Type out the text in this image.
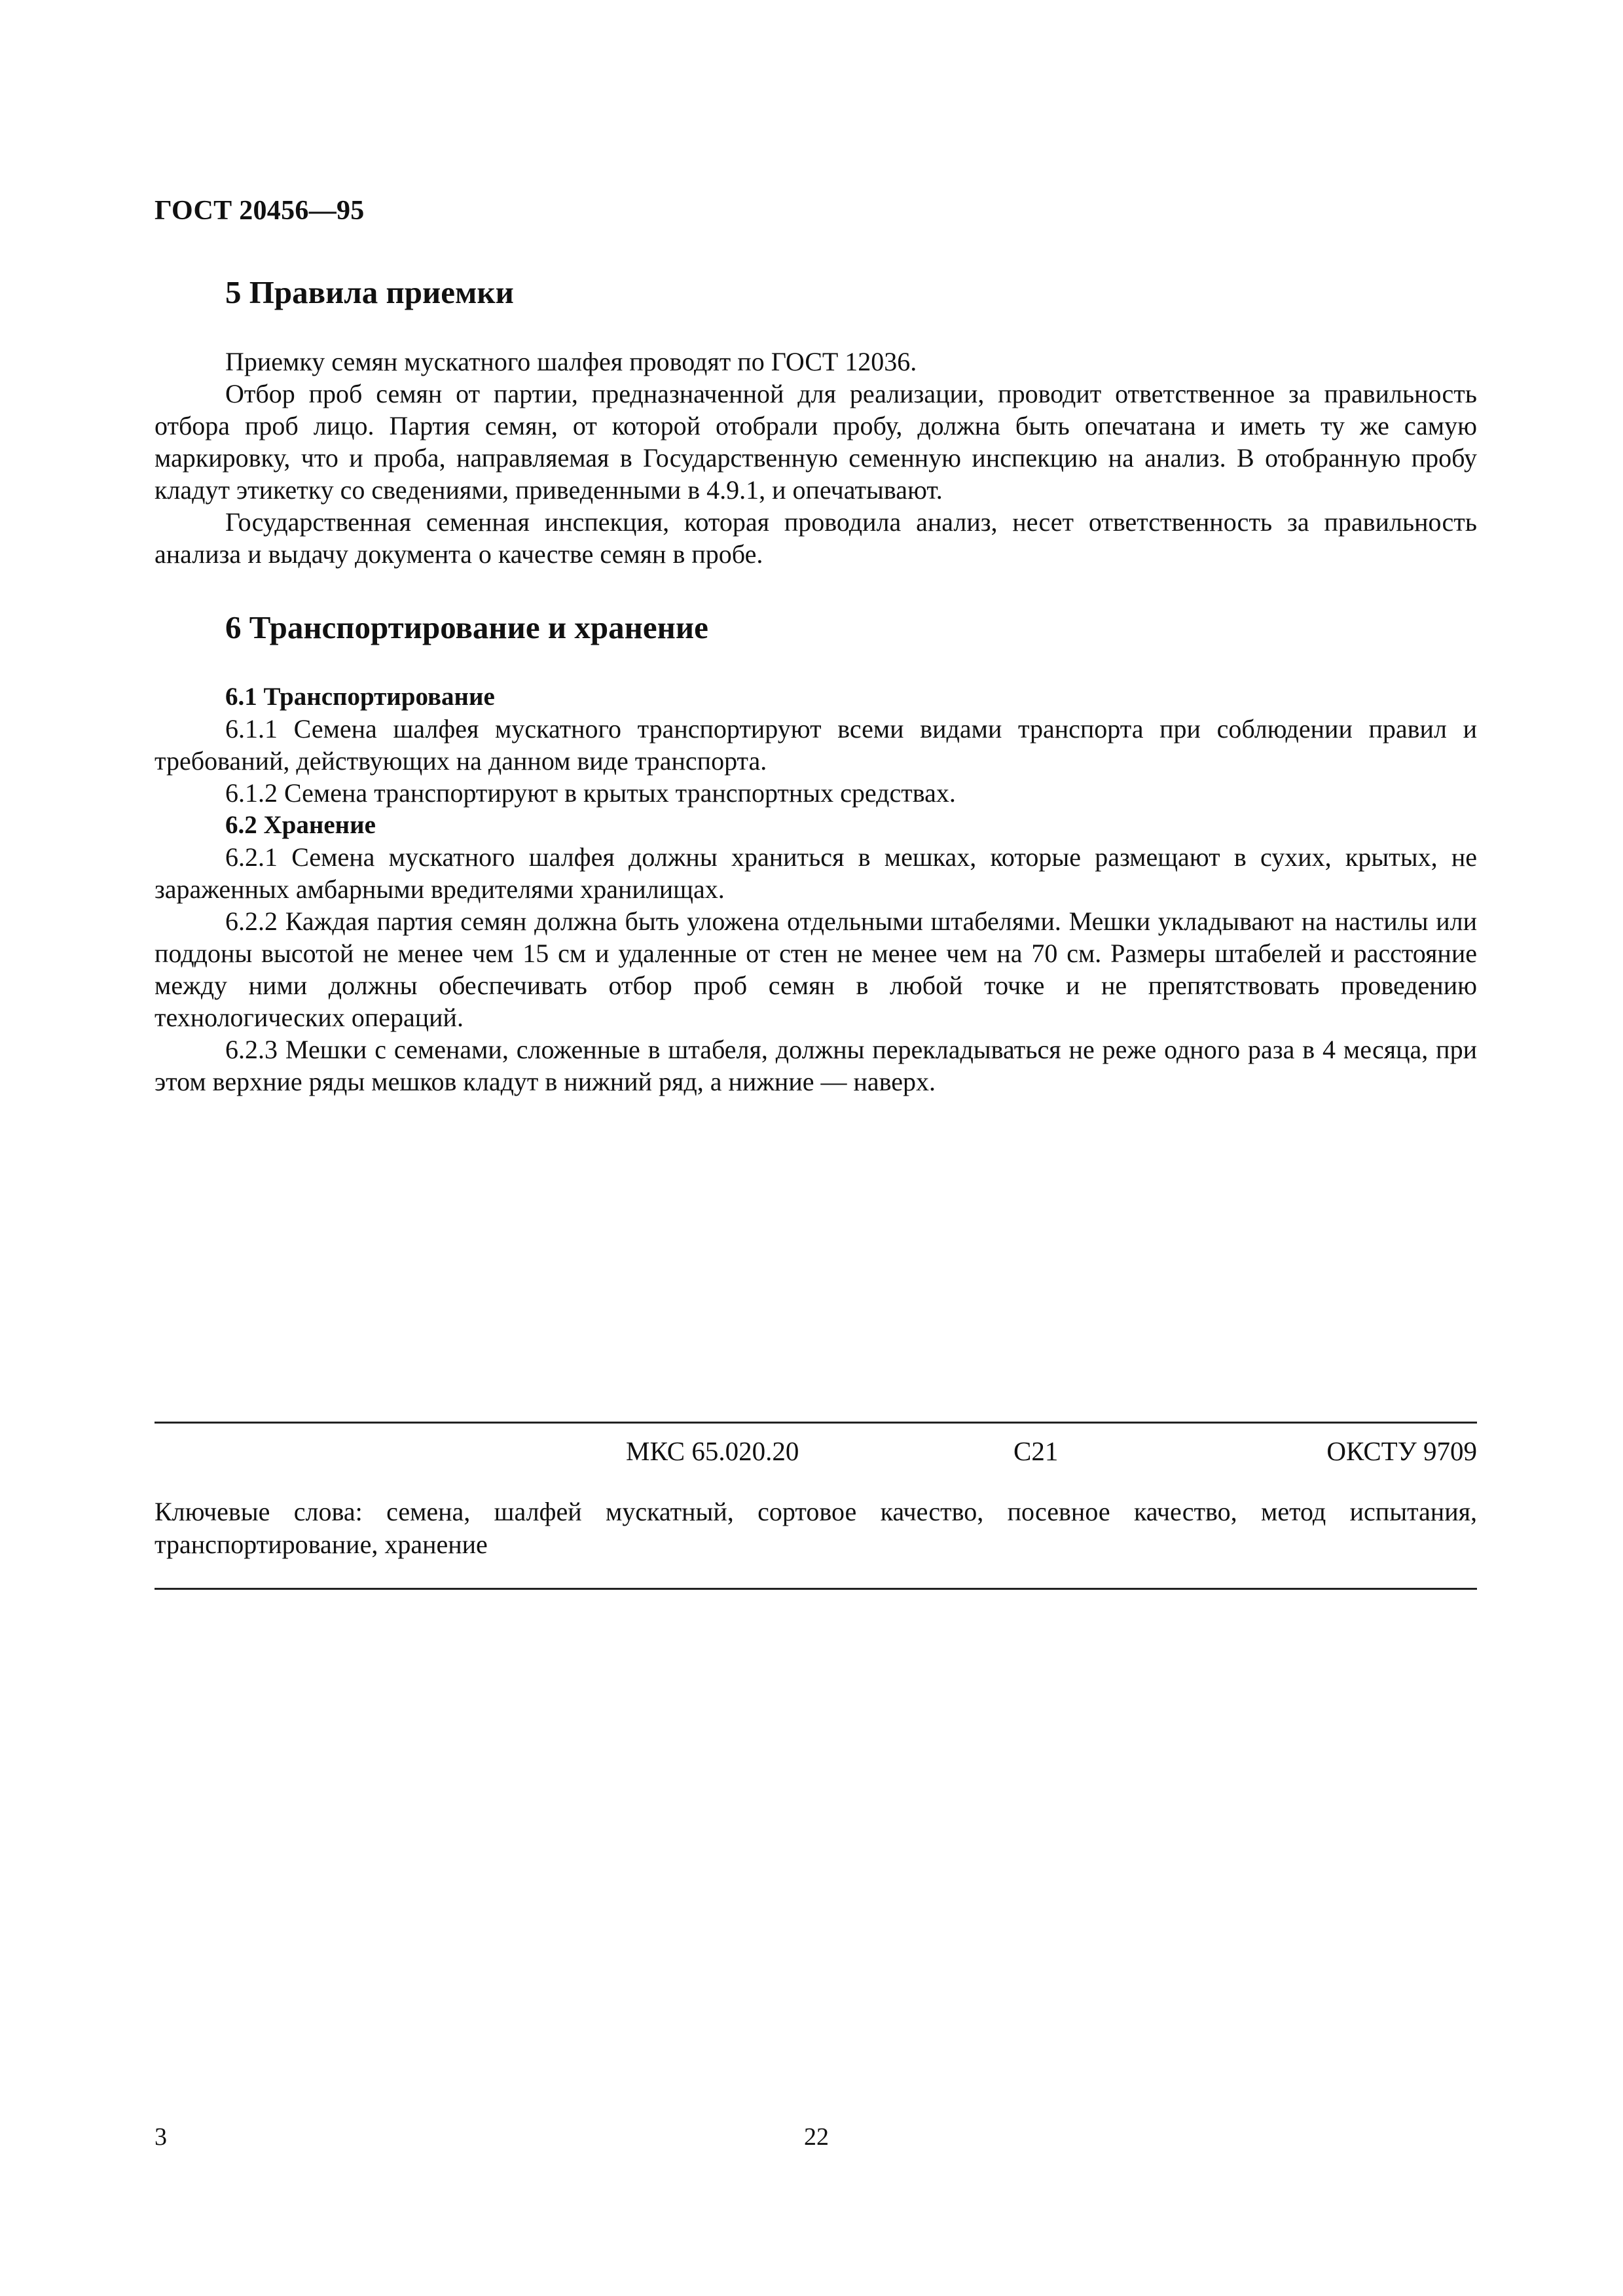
ГОСТ 20456—95
5 Правила приемки

Приемку семян мускатного шалфея проводят по ГОСТ 12036.

Отбор проб семян от партии, предназначенной для реализации, проводит ответственное за правильность отбора проб лицо. Партия семян, от которой отобрали пробу, должна быть опечатана и иметь ту же самую маркировку, что и проба, направляемая в Государственную семенную инспекцию на анализ. В отобранную пробу кладут этикетку со сведениями, приведенными в 4.9.1, и опечатывают.

Государственная семенная инспекция, которая проводила анализ, несет ответственность за правильность анализа и выдачу документа о качестве семян в пробе.

6 Транспортирование и хранение

6.1 Транспортирование

6.1.1 Семена шалфея мускатного транспортируют всеми видами транспорта при соблюдении правил и требований, действующих на данном виде транспорта.

6.1.2 Семена транспортируют в крытых транспортных средствах.

6.2 Хранение

6.2.1 Семена мускатного шалфея должны храниться в мешках, которые размещают в сухих, крытых, не зараженных амбарными вредителями хранилищах.

6.2.2 Каждая партия семян должна быть уложена отдельными штабелями. Мешки укладывают на настилы или поддоны высотой не менее чем 15 см и удаленные от стен не менее чем на 70 см. Размеры штабелей и расстояние между ними должны обеспечивать отбор проб семян в любой точке и не препятствовать проведению технологических операций.

6.2.3 Мешки с семенами, сложенные в штабеля, должны перекладываться не реже одного раза в 4 месяца, при этом верхние ряды мешков кладут в нижний ряд, а нижние — наверх.

МКС 65.020.20	С21	ОКСТУ 9709
Ключевые слова: семена, шалфей мускатный, сортовое качество, посевное качество, метод испытания, транспортирование, хранение
3	22
